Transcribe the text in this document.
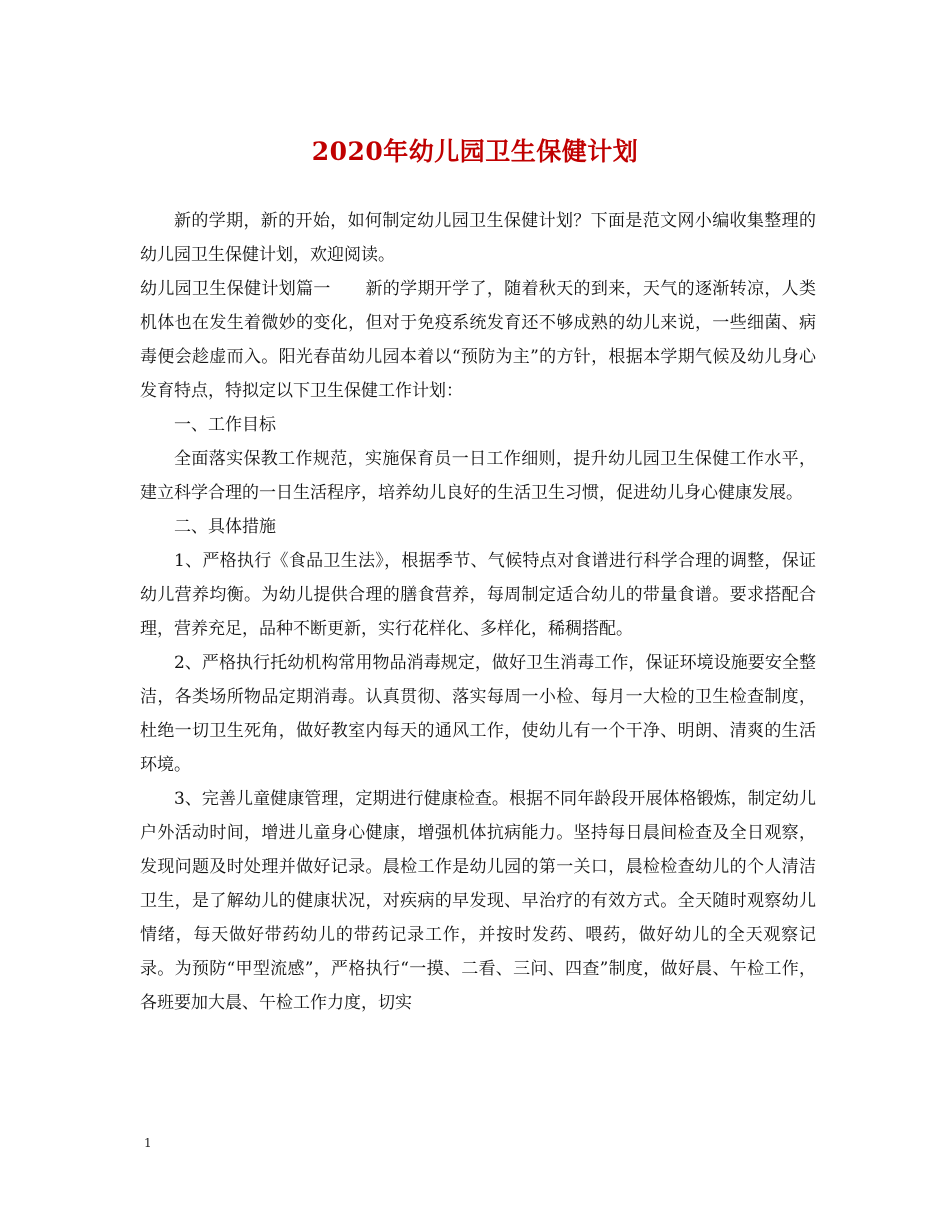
2020年幼儿园卫生保健计划

新的学期，新的开始，如何制定幼儿园卫生保健计划？下面是范文网小编收集整理的幼儿园卫生保健计划，欢迎阅读。

幼儿园卫生保健计划篇一　　新的学期开学了，随着秋天的到来，天气的逐渐转凉，人类机体也在发生着微妙的变化，但对于免疫系统发育还不够成熟的幼儿来说，一些细菌、病毒便会趁虚而入。阳光春苗幼儿园本着以“预防为主”的方针，根据本学期气候及幼儿身心发育特点，特拟定以下卫生保健工作计划：

一、工作目标

全面落实保教工作规范，实施保育员一日工作细则，提升幼儿园卫生保健工作水平，建立科学合理的一日生活程序，培养幼儿良好的生活卫生习惯，促进幼儿身心健康发展。

二、具体措施

1、严格执行《食品卫生法》，根据季节、气候特点对食谱进行科学合理的调整，保证幼儿营养均衡。为幼儿提供合理的膳食营养，每周制定适合幼儿的带量食谱。要求搭配合理，营养充足，品种不断更新，实行花样化、多样化，稀稠搭配。

2、严格执行托幼机构常用物品消毒规定，做好卫生消毒工作，保证环境设施要安全整洁，各类场所物品定期消毒。认真贯彻、落实每周一小检、每月一大检的卫生检查制度，杜绝一切卫生死角，做好教室内每天的通风工作，使幼儿有一个干净、明朗、清爽的生活环境。

3、完善儿童健康管理，定期进行健康检查。根据不同年龄段开展体格锻炼，制定幼儿户外活动时间，增进儿童身心健康，增强机体抗病能力。坚持每日晨间检查及全日观察，发现问题及时处理并做好记录。晨检工作是幼儿园的第一关口，晨检检查幼儿的个人清洁卫生，是了解幼儿的健康状况，对疾病的早发现、早治疗的有效方式。全天随时观察幼儿情绪，每天做好带药幼儿的带药记录工作，并按时发药、喂药，做好幼儿的全天观察记录。为预防“甲型流感”，严格执行“一摸、二看、三问、四查”制度，做好晨、午检工作，各班要加大晨、午检工作力度，切实

1
